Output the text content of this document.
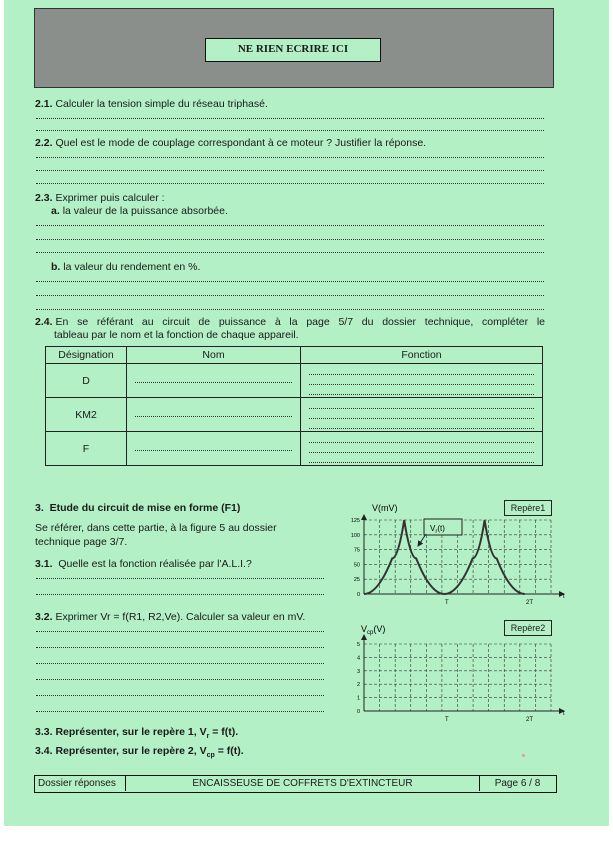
NE RIEN ECRIRE ICI
2.1. Calculer la tension simple du réseau triphasé.
2.2. Quel est le mode de couplage correspondant à ce moteur ? Justifier la réponse.
2.3. Exprimer puis calculer :
a. la valeur de la puissance absorbée.
b. la valeur du rendement en %.
2.4. En se référant au circuit de puissance à la page 5/7 du dossier technique, compléter le
tableau par le nom et la fonction de chaque appareil.
Désignation	Nom	Fonction
D	

KM2	

F	

3. Etude du circuit de mise en forme (F1)
Se référer, dans cette partie, à la figure 5 au dossier
technique page 3/7.
3.1. Quelle est la fonction réalisée par l'A.L.I.?
3.2. Exprimer Vr = f(R1, R2,Ve). Calculer sa valeur en mV.
3.3. Représenter, sur le repère 1, $V_r = f(t)$.
3.4. Représenter, sur le repère 2, $V_{cp} = f(t)$.
Repère1
V(mV)
125
100
75
50
25
0
T	2T
t
$V_r(t)$
Repère2
$V_{cp}(V)$
5
4
3
2
1
0
T	2T
t
Dossier réponses	ENCAISSEUSE DE COFFRETS D'EXTINCTEUR	Page 6 / 8
